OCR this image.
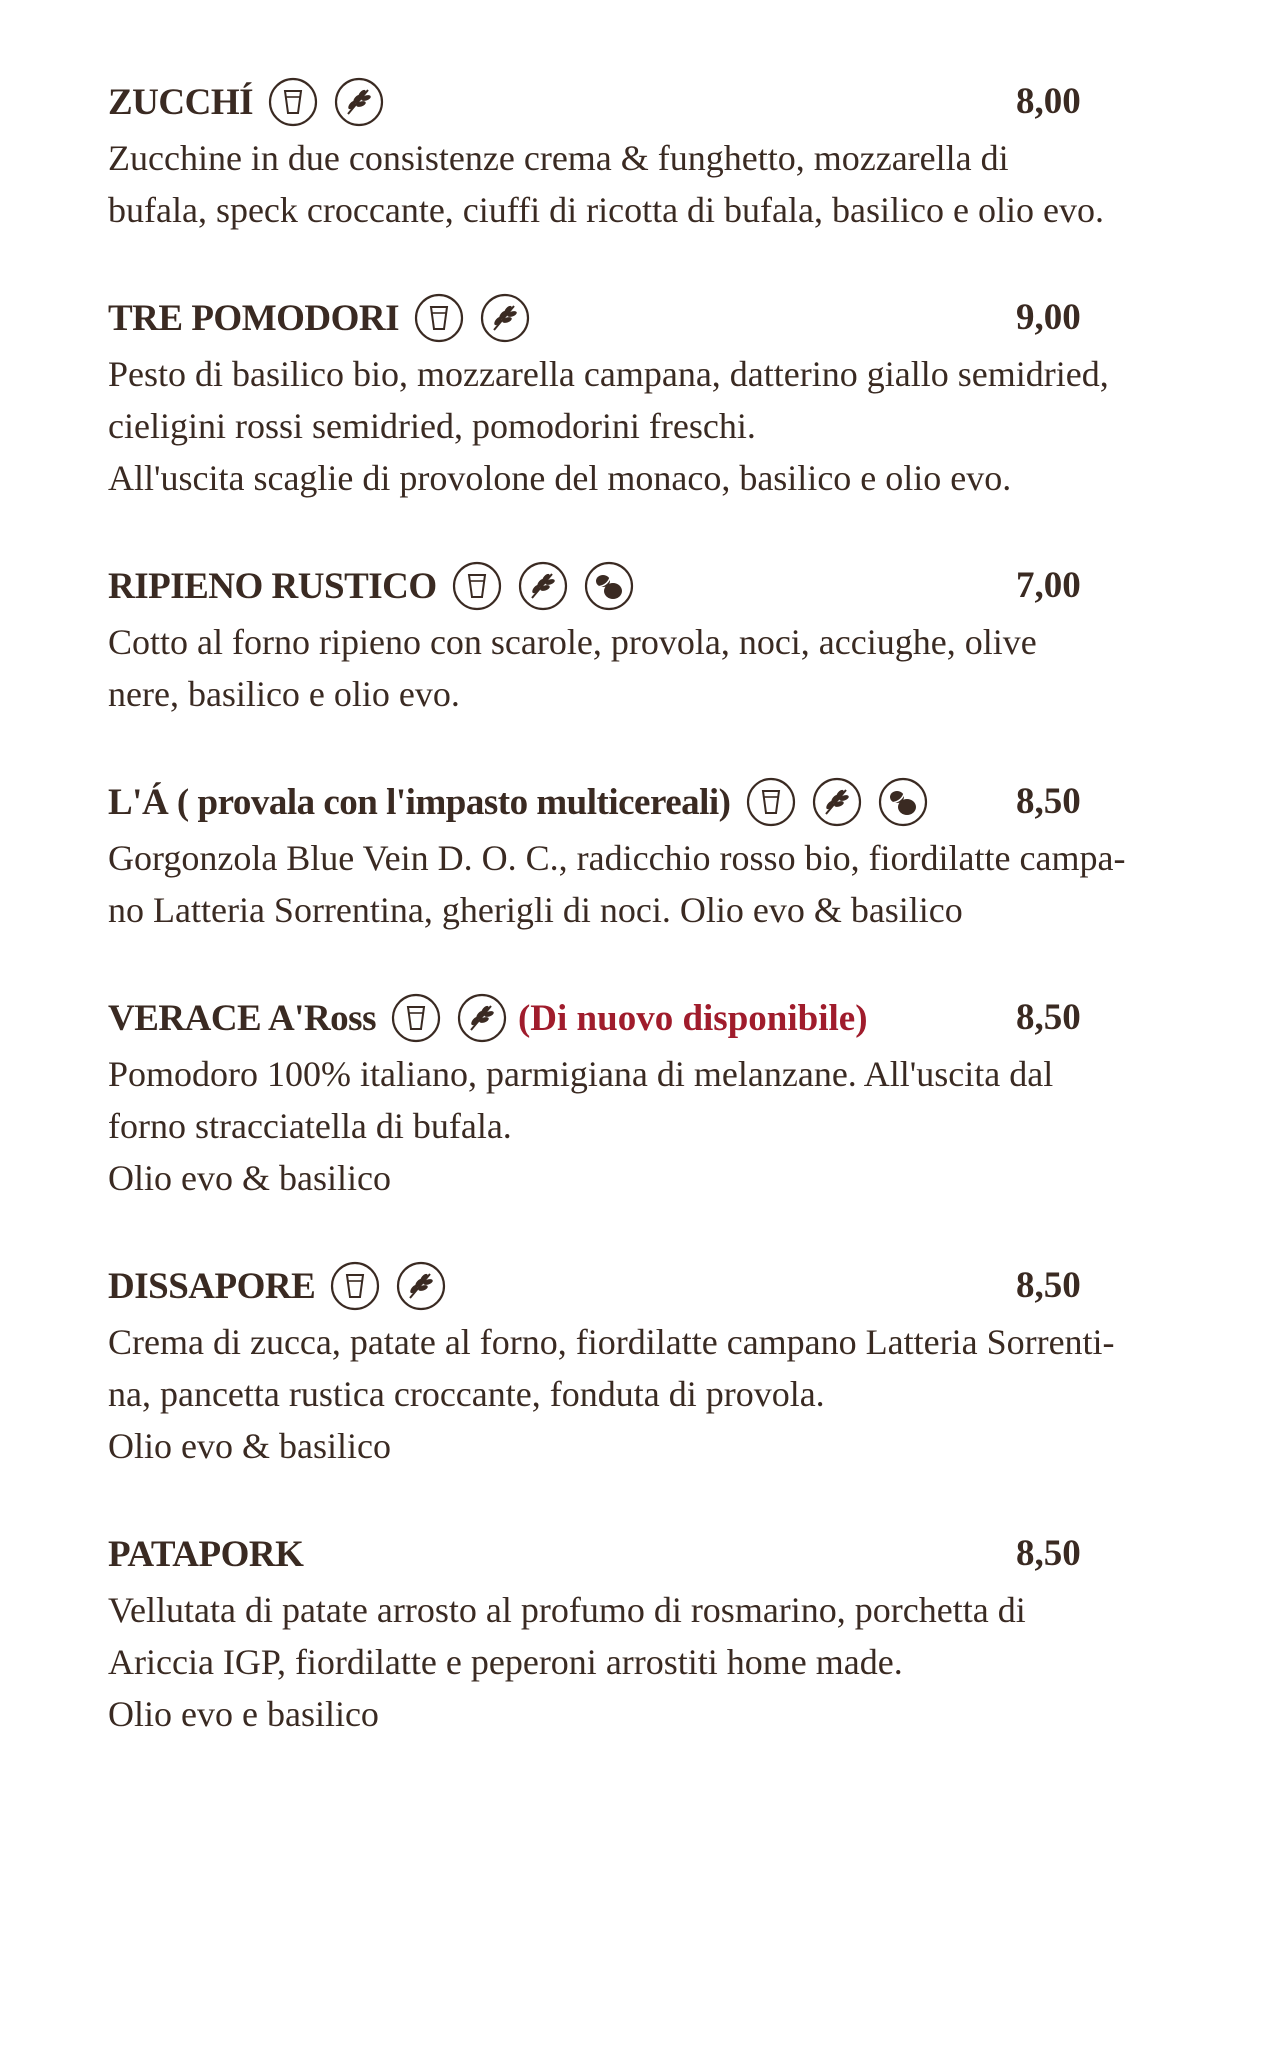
ZUCCHÍ	8,00

Zucchine in due consistenze crema & funghetto, mozzarella di
bufala, speck croccante, ciuffi di ricotta di bufala, basilico e olio evo.

TRE POMODORI	9,00

Pesto di basilico bio, mozzarella campana, datterino giallo semidried,
cieligini rossi semidried, pomodorini freschi.
All'uscita scaglie di provolone del monaco, basilico e olio evo.

RIPIENO RUSTICO	7,00

Cotto al forno ripieno con scarole, provola, noci, acciughe, olive
nere, basilico e olio evo.

L'Á ( provala con l'impasto multicereali)	8,50

Gorgonzola Blue Vein D. O. C., radicchio rosso bio, fiordilatte campa-
no Latteria Sorrentina, gherigli di noci. Olio evo & basilico

VERACE A'Ross	(Di nuovo disponibile)	8,50

Pomodoro 100% italiano, parmigiana di melanzane. All'uscita dal
forno stracciatella di bufala.
Olio evo & basilico

DISSAPORE	8,50

Crema di zucca, patate al forno, fiordilatte campano Latteria Sorrenti-
na, pancetta rustica croccante, fonduta di provola.
Olio evo & basilico

PATAPORK	8,50

Vellutata di patate arrosto al profumo di rosmarino, porchetta di
Ariccia IGP, fiordilatte e peperoni arrostiti home made.
Olio evo e basilico
